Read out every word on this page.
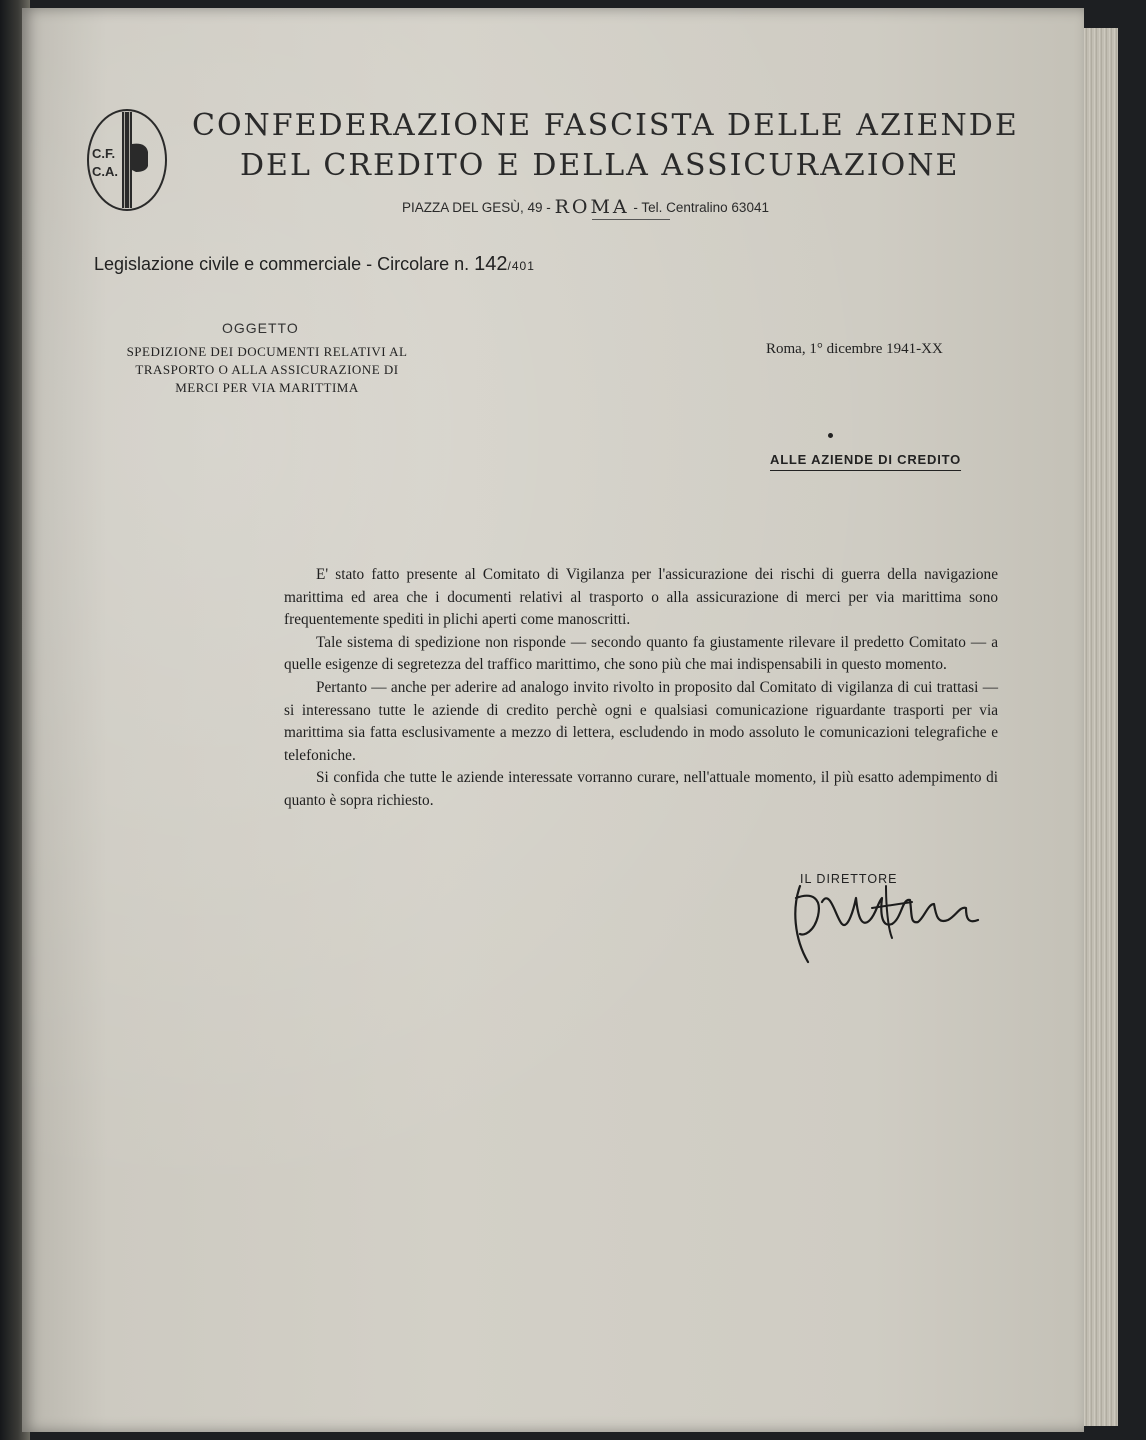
C.F.
C.A.
CONFEDERAZIONE FASCISTA DELLE AZIENDE
DEL CREDITO E DELLA ASSICURAZIONE
PIAZZA DEL GESÙ, 49 - ROMA - Tel. Centralino 63041
Legislazione civile e commerciale - Circolare n. 142/401
OGGETTO
SPEDIZIONE DEI DOCUMENTI RELATIVI AL
TRASPORTO O ALLA ASSICURAZIONE DI
MERCI PER VIA MARITTIMA
Roma, 1° dicembre 1941-XX
ALLE AZIENDE DI CREDITO

E' stato fatto presente al Comitato di Vigilanza per l'assicurazione dei rischi di guerra della navigazione marittima ed area che i documenti relativi al trasporto o alla assicurazione di merci per via marittima sono frequentemente spediti in plichi aperti come manoscritti.

Tale sistema di spedizione non risponde — secondo quanto fa giustamente rilevare il predetto Comitato — a quelle esigenze di segretezza del traffico marittimo, che sono più che mai indispensabili in questo momento.

Pertanto — anche per aderire ad analogo invito rivolto in proposito dal Comitato di vigilanza di cui trattasi — si interessano tutte le aziende di credito perchè ogni e qualsiasi comunicazione riguardante trasporti per via marittima sia fatta esclusivamente a mezzo di lettera, escludendo in modo assoluto le comunicazioni telegrafiche e telefoniche.

Si confida che tutte le aziende interessate vorranno curare, nell'attuale momento, il più esatto adempimento di quanto è sopra richiesto.

IL DIRETTORE
